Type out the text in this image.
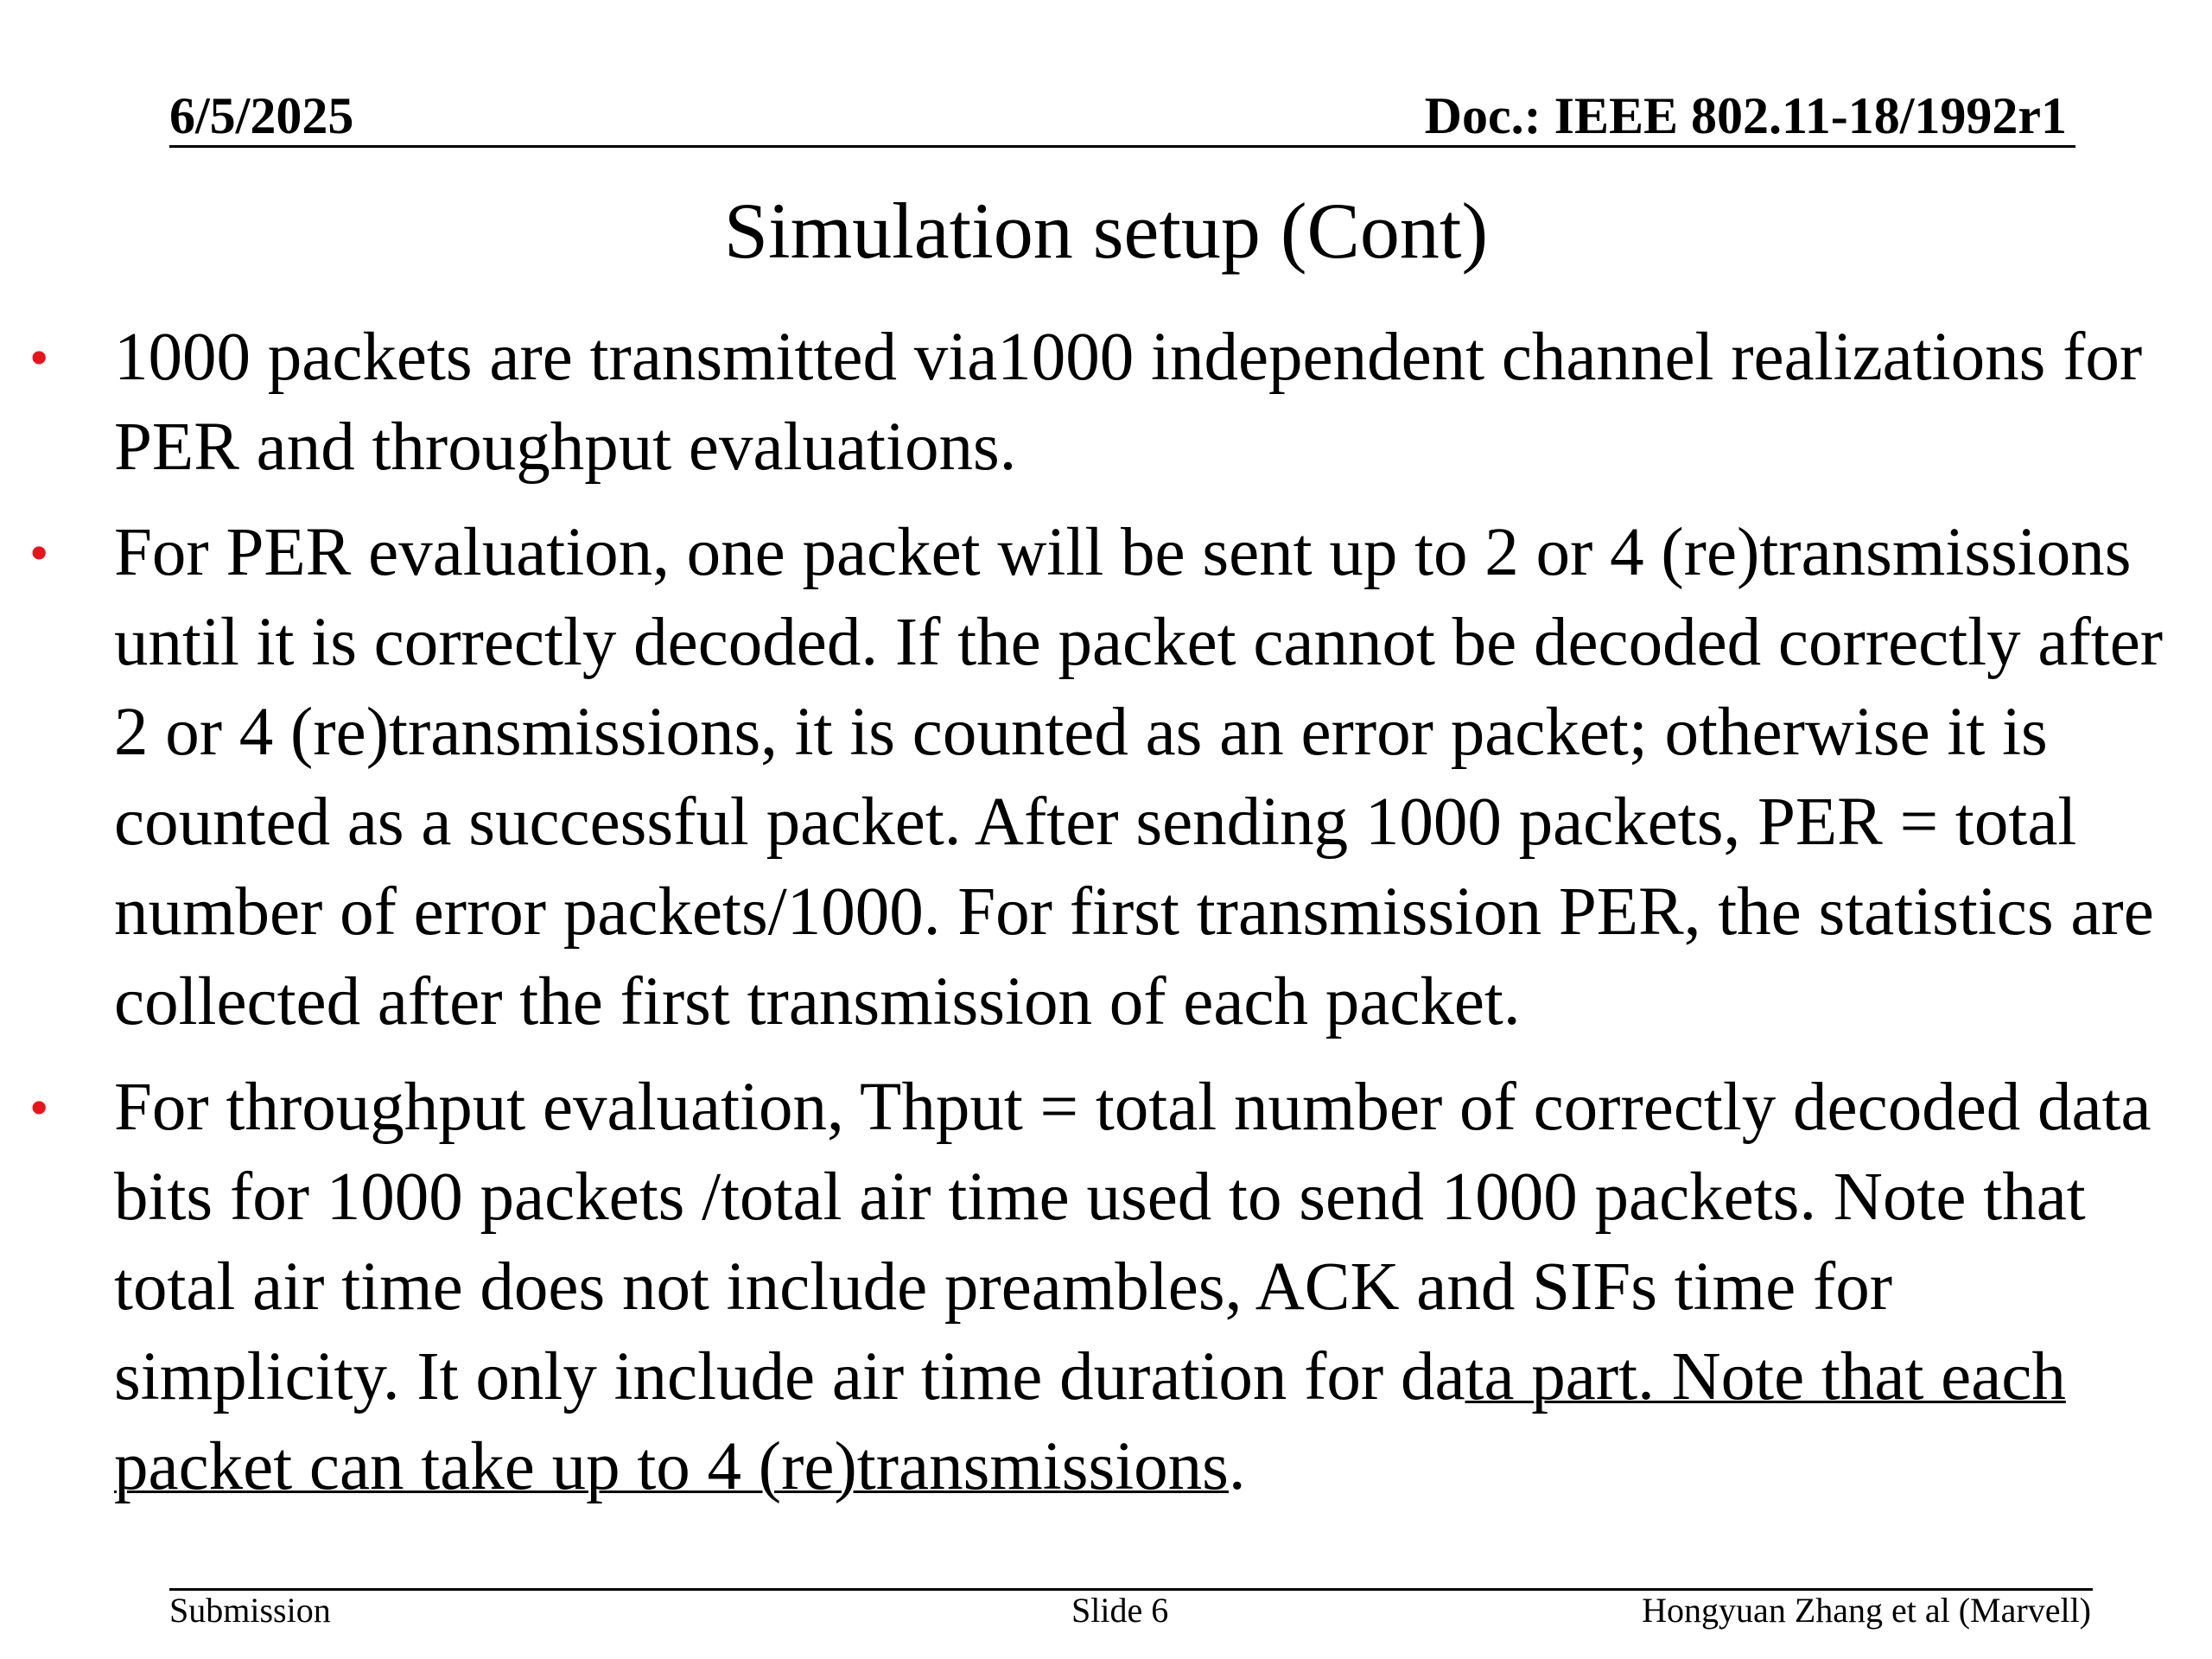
6/5/2025	Doc.: IEEE 802.11-18/1992r1
Simulation setup (Cont)
• 1000 packets are transmitted via1000 independent channel realizations for PER and throughput evaluations.
• For PER evaluation, one packet will be sent up to 2 or 4 (re)transmissions until it is correctly decoded. If the packet cannot be decoded correctly after 2 or 4 (re)transmissions, it is counted as an error packet; otherwise it is counted as a successful packet. After sending 1000 packets, PER = total number of error packets/1000. For first transmission PER, the statistics are collected after the first transmission of each packet.
• For throughput evaluation, Thput = total number of correctly decoded data bits for 1000 packets /total air time used to send 1000 packets. Note that total air time does not include preambles, ACK and SIFs time for simplicity. It only include air time duration for data part. Note that each packet can take up to 4 (re)transmissions.
Submission	Slide 6	Hongyuan Zhang et al (Marvell)
